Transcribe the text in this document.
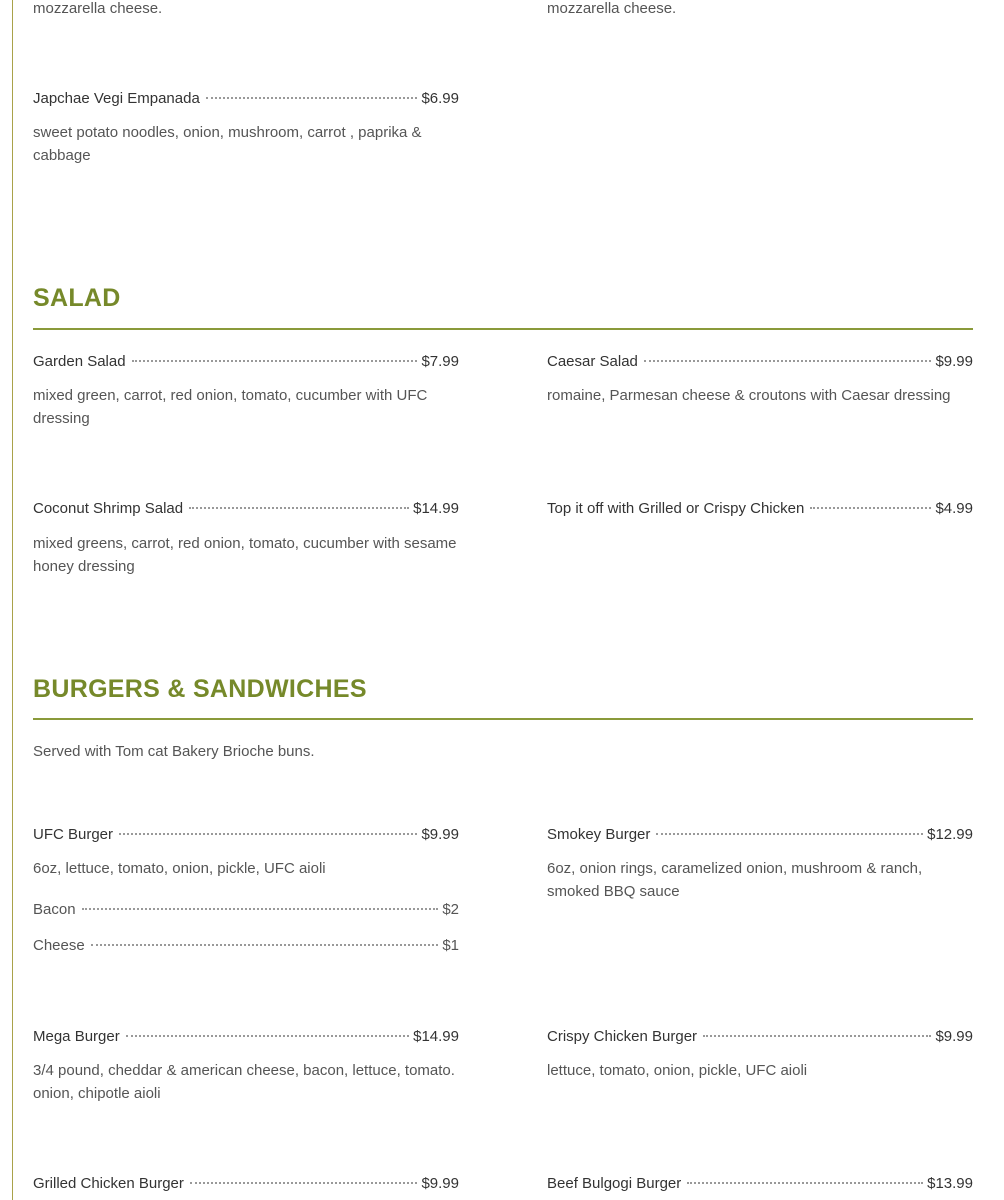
mozzarella cheese.	mozzarella cheese.
Japchae Vegi Empanada	$6.99
sweet potato noodles, onion, mushroom, carrot , paprika & cabbage
SALAD
Garden Salad	$7.99
mixed green, carrot, red onion, tomato, cucumber with UFC dressing
Caesar Salad	$9.99
romaine, Parmesan cheese & croutons with Caesar dressing
Coconut Shrimp Salad	$14.99
mixed greens, carrot, red onion, tomato, cucumber with sesame honey dressing
Top it off with Grilled or Crispy Chicken	$4.99
BURGERS & SANDWICHES
Served with Tom cat Bakery Brioche buns.
UFC Burger	$9.99
6oz, lettuce, tomato, onion, pickle, UFC aioli
Bacon	$2
Cheese	$1
Smokey Burger	$12.99
6oz, onion rings, caramelized onion, mushroom & ranch, smoked BBQ sauce
Mega Burger	$14.99
3/4 pound, cheddar & american cheese, bacon, lettuce, tomato. onion, chipotle aioli
Crispy Chicken Burger	$9.99
lettuce, tomato, onion, pickle, UFC aioli
Grilled Chicken Burger	$9.99	Beef Bulgogi Burger	$13.99
